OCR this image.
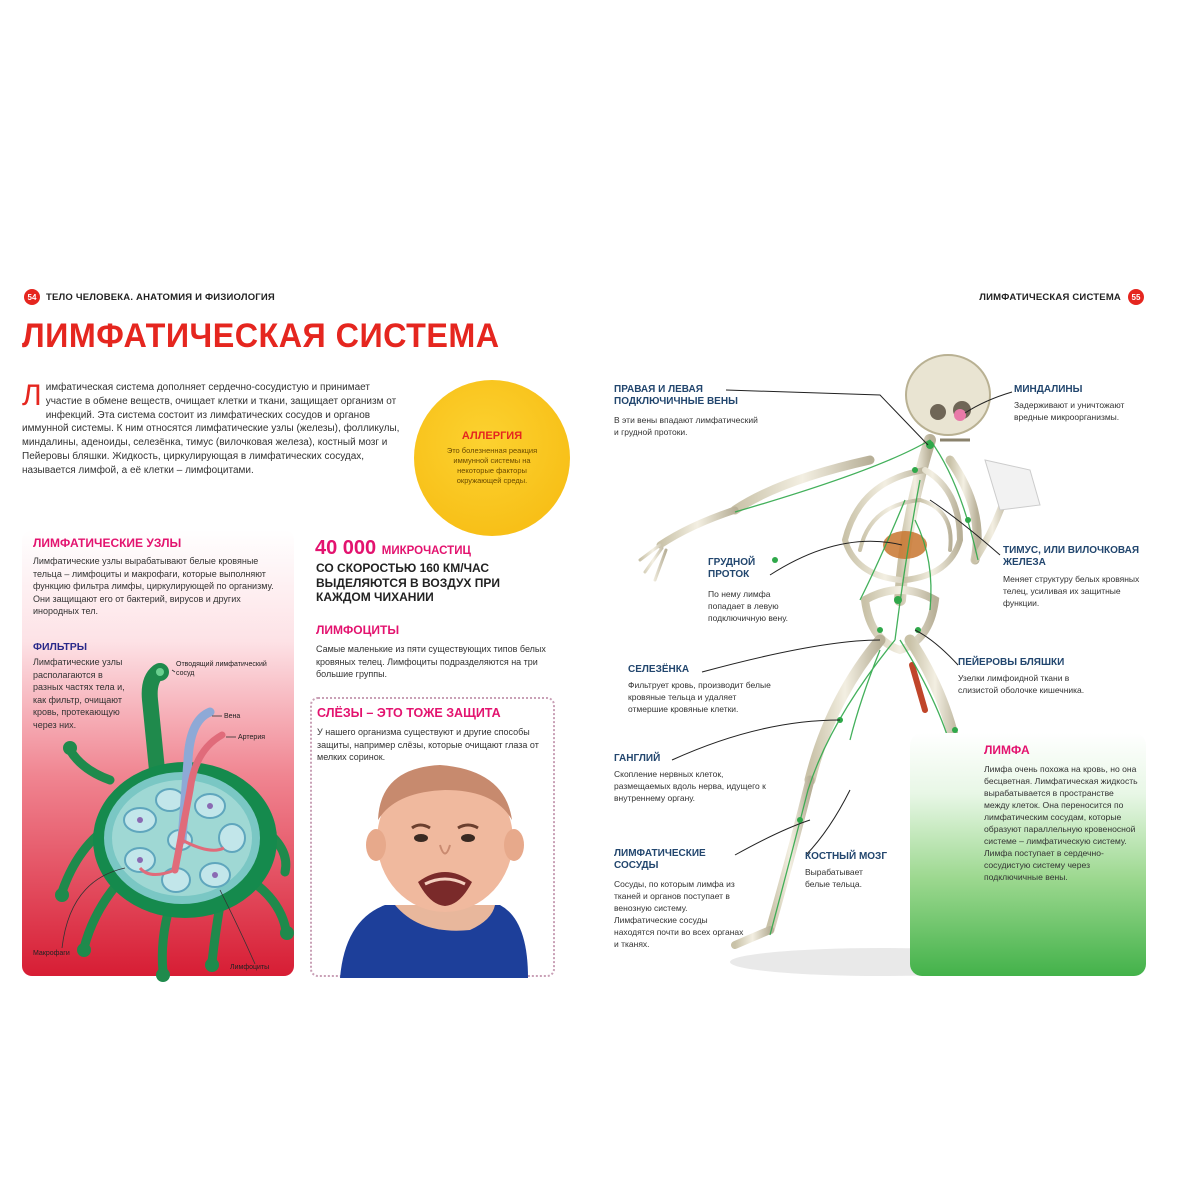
54	ТЕЛО ЧЕЛОВЕКА. АНАТОМИЯ И ФИЗИОЛОГИЯ	ЛИМФАТИЧЕСКАЯ СИСТЕМА	55
ЛИМФАТИЧЕСКАЯ СИСТЕМА
Л имфатическая система дополняет сердечно-сосудистую и принимает участие в обмене веществ, очищает клетки и ткани, защищает организм от инфекций. Эта система состоит из лимфатических сосудов и органов иммунной системы. К ним относятся лимфатические узлы (железы), фолликулы, миндалины, аденоиды, селезёнка, тимус (вилочковая железа), костный мозг и Пейеровы бляшки. Жидкость, циркулирующая в лимфатических сосудах, называется лимфой, а её клетки – лимфоцитами.
АЛЛЕРГИЯ
Это болезненная реакция иммунной системы на некоторые факторы окружающей среды.
ЛИМФАТИЧЕСКИЕ УЗЛЫ
Лимфатические узлы вырабатывают белые кровяные тельца – лимфоциты и макрофаги, которые выполняют функцию фильтра лимфы, циркулирующей по организму. Они защищают его от бактерий, вирусов и других инородных тел.
ФИЛЬТРЫ
Лимфатические узлы располагаются в разных частях тела и, как фильтр, очищают кровь, протекающую через них.
Отводящий лимфатический сосуд
Вена
Артерия
Макрофаги
Лимфоциты
40 000 МИКРОЧАСТИЦ
СО СКОРОСТЬЮ 160 КМ/ЧАС ВЫДЕЛЯЮТСЯ В ВОЗДУХ ПРИ КАЖДОМ ЧИХАНИИ
ЛИМФОЦИТЫ
Самые маленькие из пяти существующих типов белых кровяных телец. Лимфоциты подразделяются на три большие группы.
СЛЁЗЫ – ЭТО ТОЖЕ ЗАЩИТА
У нашего организма существуют и другие способы защиты, например слёзы, которые очищают глаза от мелких соринок.
ПРАВАЯ И ЛЕВАЯ ПОДКЛЮЧИЧНЫЕ ВЕНЫ
В эти вены впадают лимфатический и грудной протоки.
ГРУДНОЙ ПРОТОК
По нему лимфа попадает в левую подключичную вену.
СЕЛЕЗЁНКА
Фильтрует кровь, производит белые кровяные тельца и удаляет отмершие кровяные клетки.
ГАНГЛИЙ
Скопление нервных клеток, размещаемых вдоль нерва, идущего к внутреннему органу.
ЛИМФАТИЧЕСКИЕ СОСУДЫ
Сосуды, по которым лимфа из тканей и органов поступает в венозную систему. Лимфатические сосуды находятся почти во всех органах и тканях.
КОСТНЫЙ МОЗГ
Вырабатывает белые тельца.
МИНДАЛИНЫ
Задерживают и уничтожают вредные микроорганизмы.
ТИМУС, ИЛИ ВИЛОЧКОВАЯ ЖЕЛЕЗА
Меняет структуру белых кровяных телец, усиливая их защитные функции.
ПЕЙЕРОВЫ БЛЯШКИ
Узелки лимфоидной ткани в слизистой оболочке кишечника.
ЛИМФА
Лимфа очень похожа на кровь, но она бесцветная. Лимфатическая жидкость вырабатывается в пространстве между клеток. Она переносится по лимфатическим сосудам, которые образуют параллельную кровеносной системе – лимфатическую систему. Лимфа поступает в сердечно-сосудистую систему через подключичные вены.
